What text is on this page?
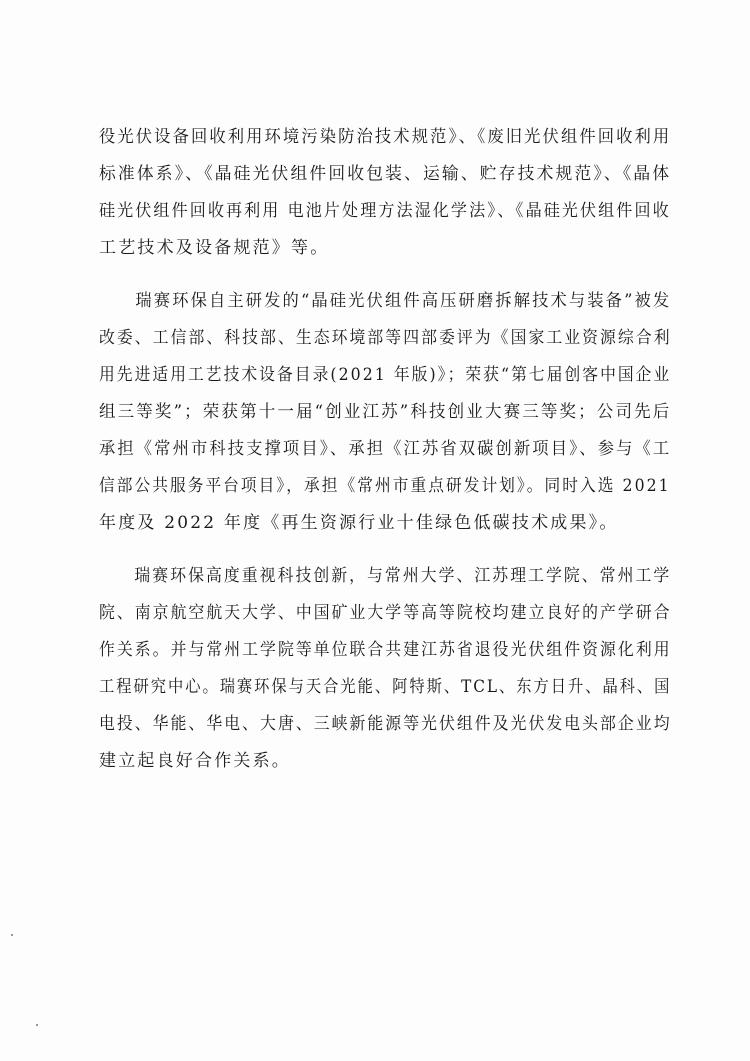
役光伏设备回收利用环境污染防治技术规范》、《废旧光伏组件回收利用
标准体系》、《晶硅光伏组件回收包装、运输、贮存技术规范》、《晶体
硅光伏组件回收再利用 电池片处理方法湿化学法》、《晶硅光伏组件回收
工艺技术及设备规范》等。

瑞赛环保自主研发的“晶硅光伏组件高压研磨拆解技术与装备”被发
改委、工信部、科技部、生态环境部等四部委评为《国家工业资源综合利
用先进适用工艺技术设备目录(2021 年版)》；荣获“第七届创客中国企业
组三等奖”；荣获第十一届“创业江苏”科技创业大赛三等奖；公司先后
承担《常州市科技支撑项目》、承担《江苏省双碳创新项目》、参与《工
信部公共服务平台项目》，承担《常州市重点研发计划》。同时入选 2021
年度及 2022 年度《再生资源行业十佳绿色低碳技术成果》。

瑞赛环保高度重视科技创新，与常州大学、江苏理工学院、常州工学
院、南京航空航天大学、中国矿业大学等高等院校均建立良好的产学研合
作关系。并与常州工学院等单位联合共建江苏省退役光伏组件资源化利用
工程研究中心。瑞赛环保与天合光能、阿特斯、TCL、东方日升、晶科、国
电投、华能、华电、大唐、三峡新能源等光伏组件及光伏发电头部企业均
建立起良好合作关系。
